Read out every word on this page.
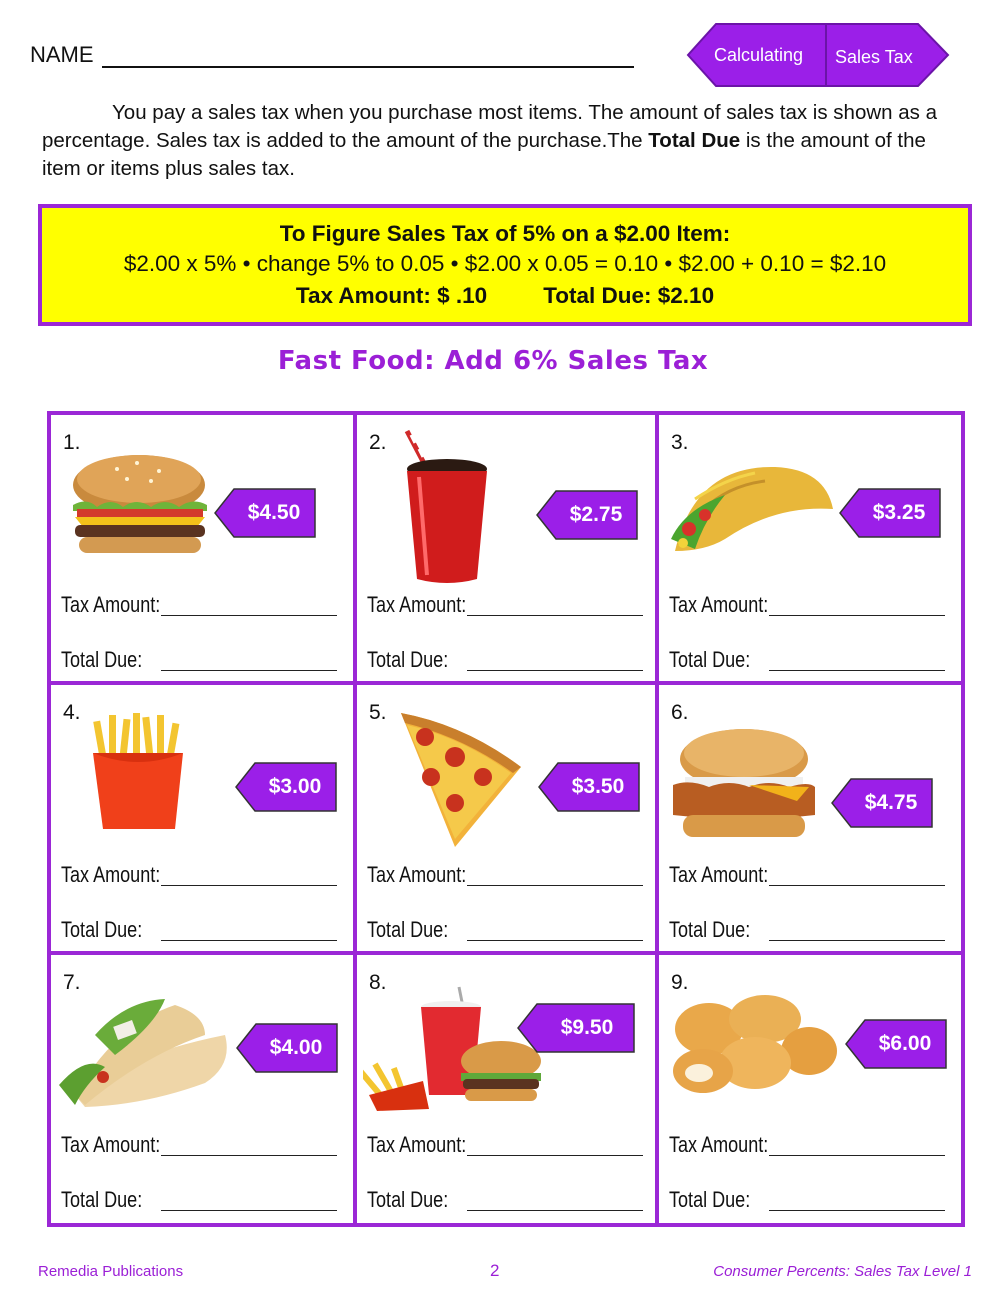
NAME	Calculating Sales Tax
You pay a sales tax when you purchase most items. The amount of sales tax is shown as a percentage. Sales tax is added to the amount of the purchase.The Total Due is the amount of the item or items plus sales tax.
To Figure Sales Tax of 5% on a $2.00 Item:
$2.00 x 5% • change 5% to 0.05 • $2.00 x 0.05 = 0.10 • $2.00 + 0.10 = $2.10
Tax Amount: $ .10 Total Due: $2.10
Fast Food: Add 6% Sales Tax
1.
$4.50
Tax Amount:
Total Due:
2.
$2.75
Tax Amount:
Total Due:
3.
$3.25
Tax Amount:
Total Due:
4.
$3.00
Tax Amount:
Total Due:
5.
$3.50
Tax Amount:
Total Due:
6.
$4.75
Tax Amount:
Total Due:
7.
$4.00
Tax Amount:
Total Due:
8.
$9.50
Tax Amount:
Total Due:
9.
$6.00
Tax Amount:
Total Due:
Remedia Publications	2	Consumer Percents: Sales Tax Level 1
